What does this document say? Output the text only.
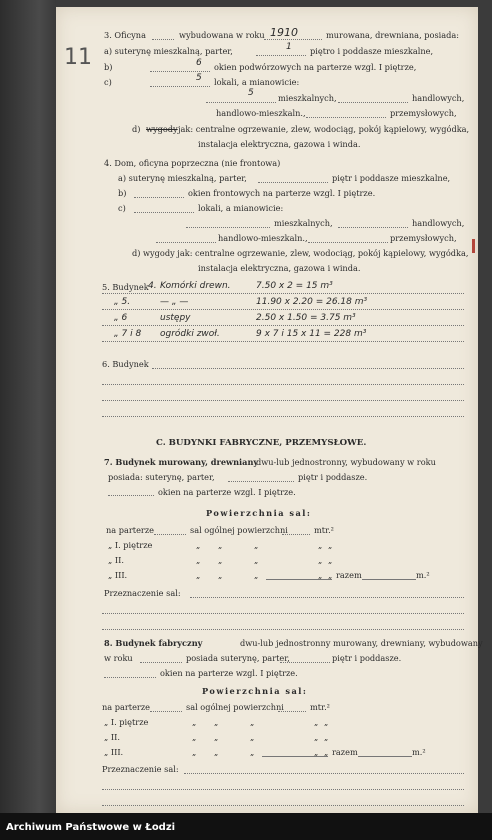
11
3. Oficyna	wybudowana w roku 1910	murowana, drewniana, posiada:
a) suterynę mieszkalną, parter,	1 piętro i poddasze mieszkalne,
b)	6 okien podwórzowych na parterze wzgl. I piętrze,
c)	5 lokali, a mianowicie:
5	mieszkalnych,	handlowych,
handlowo-mieszkaln.,	przemysłowych,
d) wygody jak: centralne ogrzewanie, zlew, wodociąg, pokój kąpielowy, wygódka,
instalacja elektryczna, gazowa i winda.
4. Dom, oficyna poprzeczna (nie frontowa)
a) suterynę mieszkalną, parter,	piętr i poddasze mieszkalne,
b)	okien frontowych na parterze wzgl. I piętrze.
c)	lokali, a mianowicie:
mieszkalnych,	handlowych,
handlowo-mieszkaln.,	przemysłowych,
d) wygody jak: centralne ogrzewanie, zlew, wodociąg, pokój kąpielowy, wygódka,
instalacja elektryczna, gazowa i winda.
5. Budynek 4. Komórki drewn.	7.50 x 2 = 15 m³
„ 5.	— „ —	11.90 x 2.20 = 26.18 m³
„ 6	ustępy	2.50 x 1.50 = 3.75 m³
„ 7 i 8 ogródki zwoł.	9 x 7 i 15 x 11 = 228 m³
6. Budynek
C. BUDYNKI FABRYCZNE, PRZEMYSŁOWE.
7. Budynek murowany, drewniany
dwu-lub jednostronny, wybudowany w roku
posiada: suterynę, parter,	piętr i poddasze.
okien na parterze wzgl. I piętrze.
Powierzchnia sal:
na parterze	sal ogólnej powierzchni	mtr.²
„ I. piętrze	„ „	„	„ „
„ II.	„ „	„	„ „
„ III.	„ „	„	„ „ razem	m.²
Przeznaczenie sal:
8. Budynek fabryczny	dwu-lub jednostronny murowany, drewniany, wybudowany
w roku	posiada suterynę, parter,	piętr i poddasze.
okien na parterze wzgl. I piętrze.
Powierzchnia sal:
na parterze	sal ogólnej powierzchni	mtr.²
„ I. piętrze	„ „	„	„ „
„ II.	„ „	„	„ „
„ III.	„ „	„	„ „ razem	m.²
Przeznaczenie sal:
Archiwum Państwowe w Łodzi
